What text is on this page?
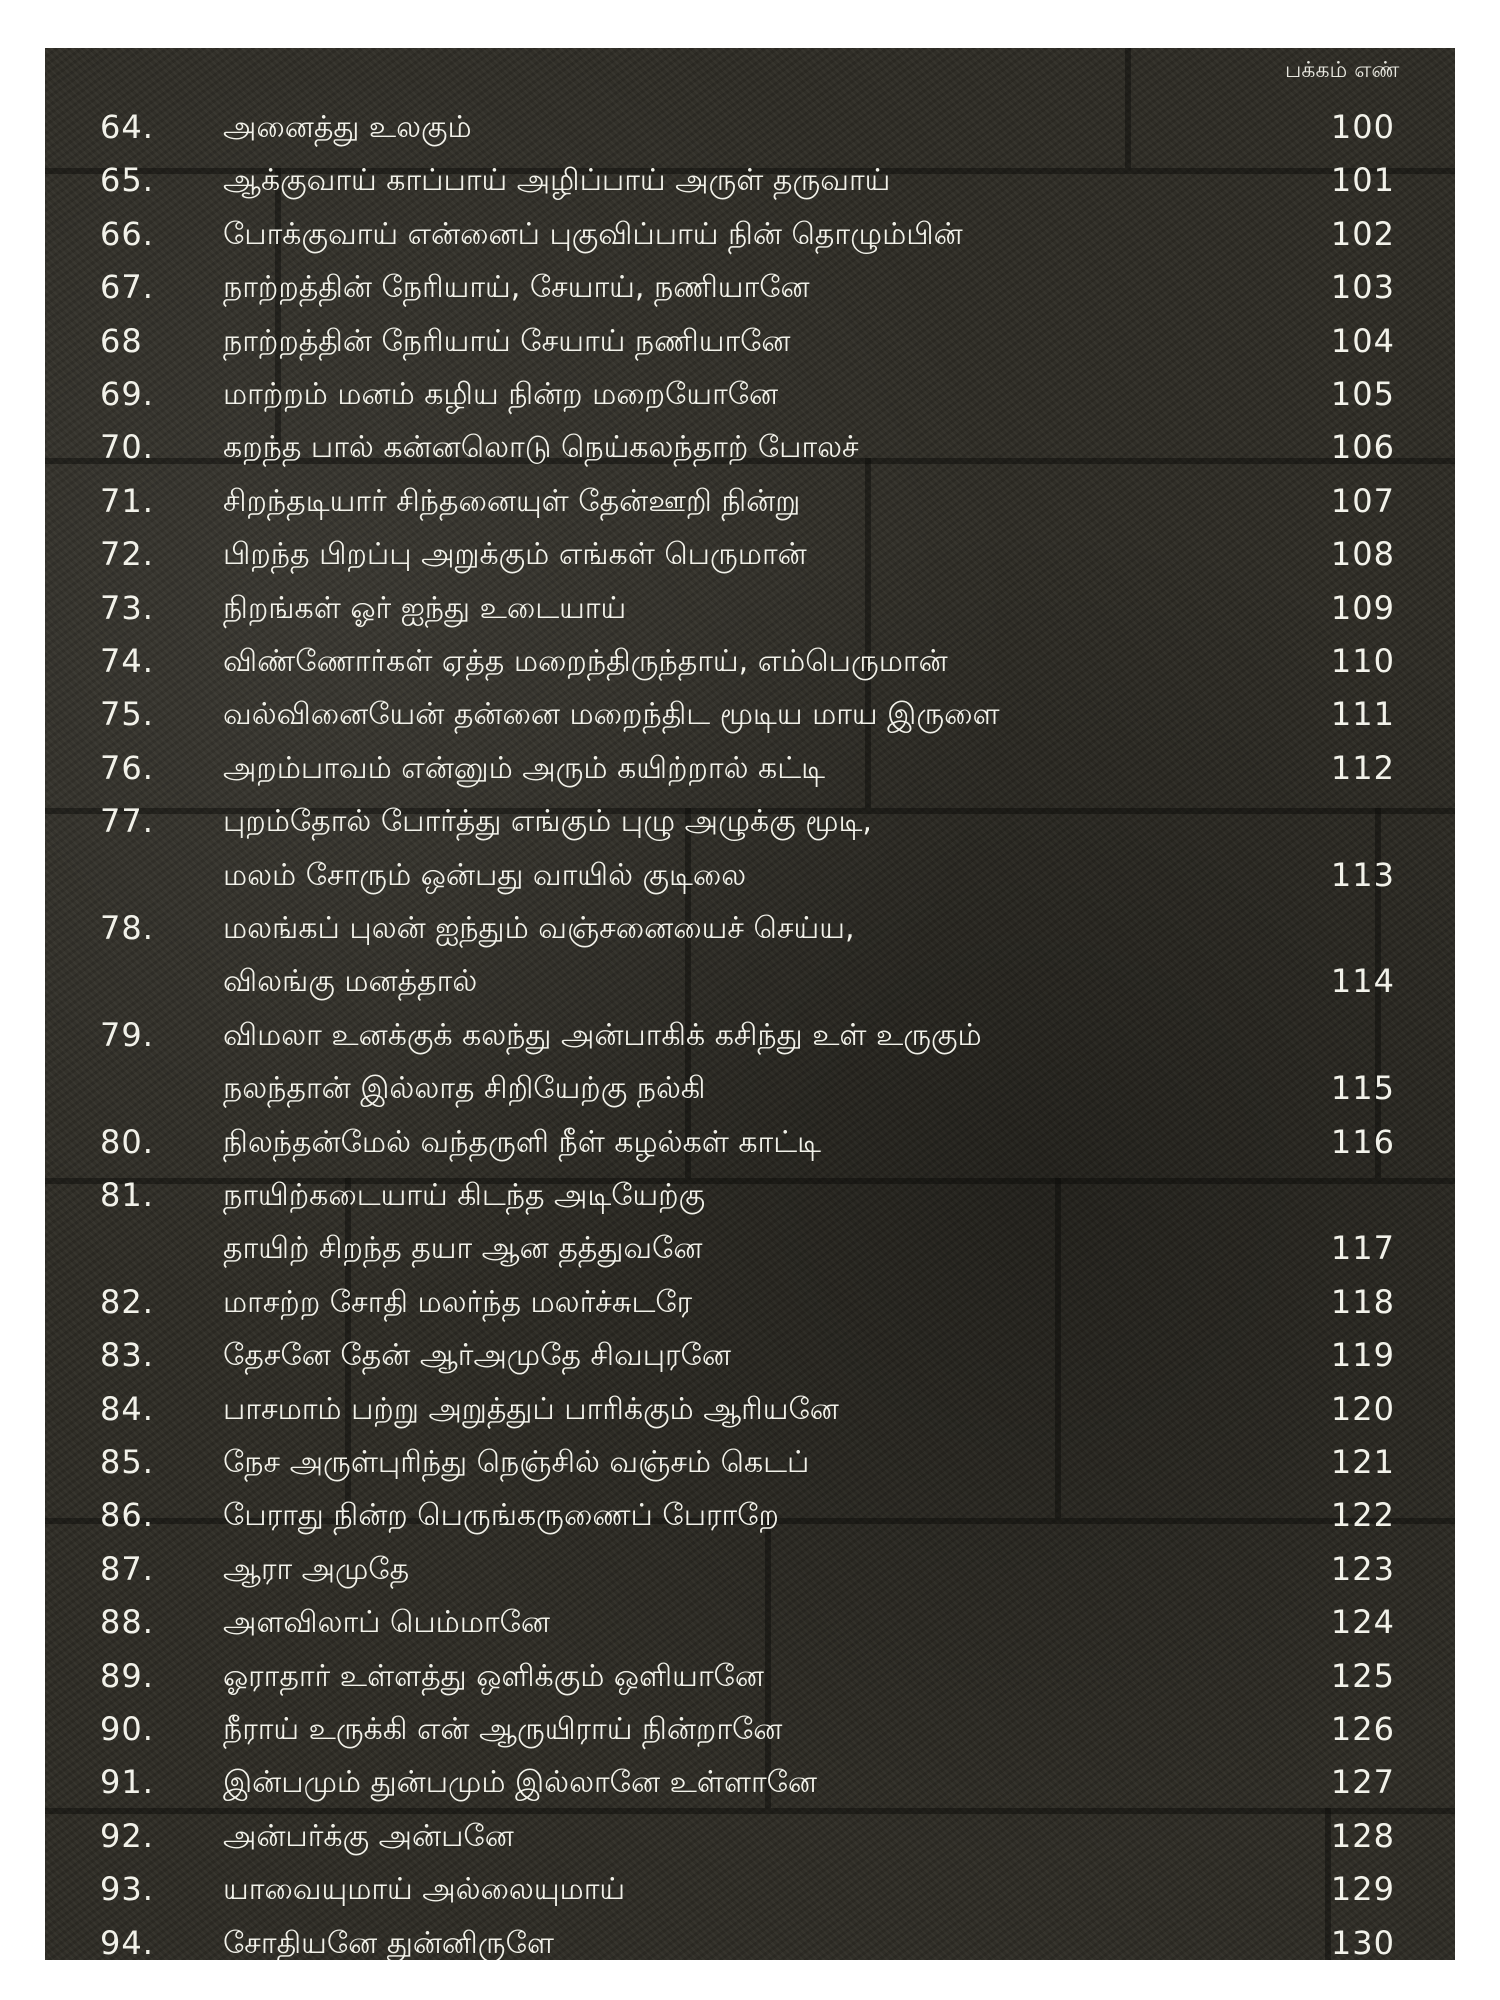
பக்கம் எண்
64.	அனைத்து உலகும்	100
65.	ஆக்குவாய் காப்பாய் அழிப்பாய் அருள் தருவாய்	101
66.	போக்குவாய் என்னைப் புகுவிப்பாய் நின் தொழும்பின்	102
67.	நாற்றத்தின் நேரியாய், சேயாய், நணியானே	103
68	நாற்றத்தின் நேரியாய் சேயாய் நணியானே	104
69.	மாற்றம் மனம் கழிய நின்ற மறையோனே	105
70.	கறந்த பால் கன்னலொடு நெய்கலந்தாற் போலச்	106
71.	சிறந்தடியார் சிந்தனையுள் தேன்ஊறி நின்று	107
72.	பிறந்த பிறப்பு அறுக்கும் எங்கள் பெருமான்	108
73.	நிறங்கள் ஓர் ஐந்து உடையாய்	109
74.	விண்ணோர்கள் ஏத்த மறைந்திருந்தாய், எம்பெருமான்	110
75.	வல்வினையேன் தன்னை மறைந்திட மூடிய மாய இருளை	111
76.	அறம்பாவம் என்னும் அரும் கயிற்றால் கட்டி	112
77.	புறம்தோல் போர்த்து எங்கும் புழு அழுக்கு மூடி,
மலம் சோரும் ஒன்பது வாயில் குடிலை	113
78.	மலங்கப் புலன் ஐந்தும் வஞ்சனையைச் செய்ய,
விலங்கு மனத்தால்	114
79.	விமலா உனக்குக் கலந்து அன்பாகிக் கசிந்து உள் உருகும்
நலந்தான் இல்லாத சிறியேற்கு நல்கி	115
80.	நிலந்தன்மேல் வந்தருளி நீள் கழல்கள் காட்டி	116
81.	நாயிற்கடையாய் கிடந்த அடியேற்கு
தாயிற் சிறந்த தயா ஆன தத்துவனே	117
82.	மாசற்ற சோதி மலர்ந்த மலர்ச்சுடரே	118
83.	தேசனே தேன் ஆர்அமுதே சிவபுரனே	119
84.	பாசமாம் பற்று அறுத்துப் பாரிக்கும் ஆரியனே	120
85.	நேச அருள்புரிந்து நெஞ்சில் வஞ்சம் கெடப்	121
86.	பேராது நின்ற பெருங்கருணைப் பேராறே	122
87.	ஆரா அமுதே	123
88.	அளவிலாப் பெம்மானே	124
89.	ஓராதார் உள்ளத்து ஒளிக்கும் ஒளியானே	125
90.	நீராய் உருக்கி என் ஆருயிராய் நின்றானே	126
91.	இன்பமும் துன்பமும் இல்லானே உள்ளானே	127
92.	அன்பர்க்கு அன்பனே	128
93.	யாவையுமாய் அல்லையுமாய்	129
94.	சோதியனே துன்னிருளே	130
